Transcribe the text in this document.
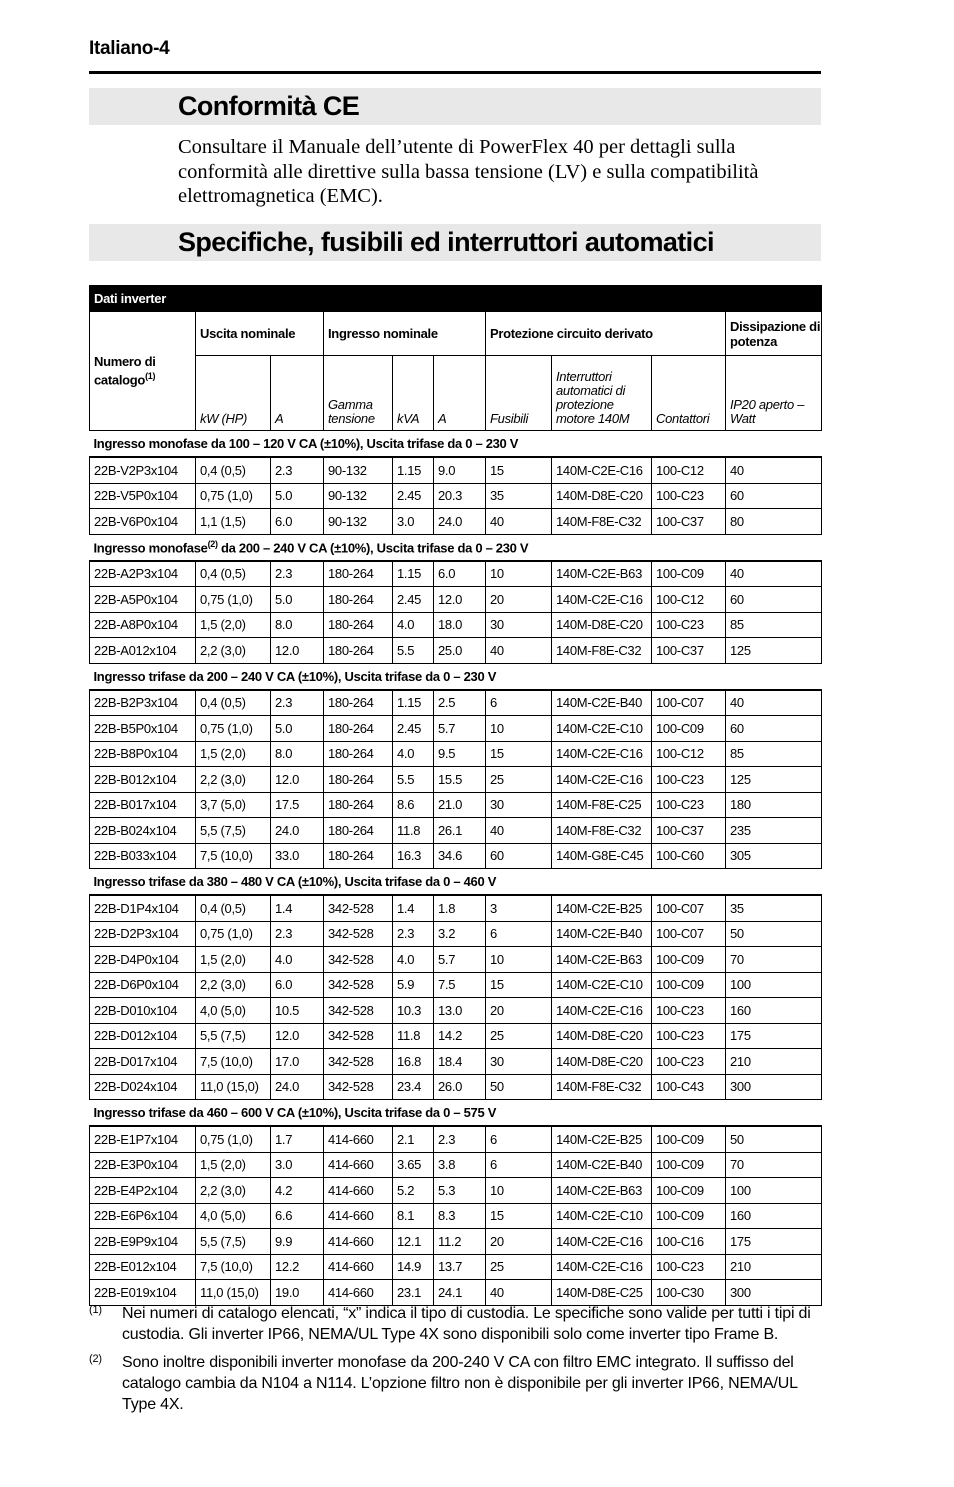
Italiano-4
Conformità CE
Consultare il Manuale dell’utente di PowerFlex 40 per dettagli sulla conformità alle direttive sulla bassa tensione (LV) e sulla compatibilità elettromagnetica (EMC).
Specifiche, fusibili ed interruttori automatici
Dati inverter									
Numero di catalogo$^{(1)}$	Uscita nominale		Ingresso nominale			Protezione circuito derivato			Dissipazione di potenza
	kW (HP)	A	Gamma tensione	kVA	A	Fusibili	Interruttori automatici di protezione motore 140M	Contattori	IP20 aperto – Watt
Ingresso monofase da 100 – 120 V CA (±10%), Uscita trifase da 0 – 230 V									
22B-V2P3x104	0,4 (0,5)	2.3	90-132	1.15	9.0	15	140M-C2E-C16	100-C12	40
22B-V5P0x104	0,75 (1,0)	5.0	90-132	2.45	20.3	35	140M-D8E-C20	100-C23	60
22B-V6P0x104	1,1 (1,5)	6.0	90-132	3.0	24.0	40	140M-F8E-C32	100-C37	80
Ingresso monofase$^{(2)}$ da 200 – 240 V CA (±10%), Uscita trifase da 0 – 230 V									
22B-A2P3x104	0,4 (0,5)	2.3	180-264	1.15	6.0	10	140M-C2E-B63	100-C09	40
22B-A5P0x104	0,75 (1,0)	5.0	180-264	2.45	12.0	20	140M-C2E-C16	100-C12	60
22B-A8P0x104	1,5 (2,0)	8.0	180-264	4.0	18.0	30	140M-D8E-C20	100-C23	85
22B-A012x104	2,2 (3,0)	12.0	180-264	5.5	25.0	40	140M-F8E-C32	100-C37	125
Ingresso trifase da 200 – 240 V CA (±10%), Uscita trifase da 0 – 230 V									
22B-B2P3x104	0,4 (0,5)	2.3	180-264	1.15	2.5	6	140M-C2E-B40	100-C07	40
22B-B5P0x104	0,75 (1,0)	5.0	180-264	2.45	5.7	10	140M-C2E-C10	100-C09	60
22B-B8P0x104	1,5 (2,0)	8.0	180-264	4.0	9.5	15	140M-C2E-C16	100-C12	85
22B-B012x104	2,2 (3,0)	12.0	180-264	5.5	15.5	25	140M-C2E-C16	100-C23	125
22B-B017x104	3,7 (5,0)	17.5	180-264	8.6	21.0	30	140M-F8E-C25	100-C23	180
22B-B024x104	5,5 (7,5)	24.0	180-264	11.8	26.1	40	140M-F8E-C32	100-C37	235
22B-B033x104	7,5 (10,0)	33.0	180-264	16.3	34.6	60	140M-G8E-C45	100-C60	305
Ingresso trifase da 380 – 480 V CA (±10%), Uscita trifase da 0 – 460 V									
22B-D1P4x104	0,4 (0,5)	1.4	342-528	1.4	1.8	3	140M-C2E-B25	100-C07	35
22B-D2P3x104	0,75 (1,0)	2.3	342-528	2.3	3.2	6	140M-C2E-B40	100-C07	50
22B-D4P0x104	1,5 (2,0)	4.0	342-528	4.0	5.7	10	140M-C2E-B63	100-C09	70
22B-D6P0x104	2,2 (3,0)	6.0	342-528	5.9	7.5	15	140M-C2E-C10	100-C09	100
22B-D010x104	4,0 (5,0)	10.5	342-528	10.3	13.0	20	140M-C2E-C16	100-C23	160
22B-D012x104	5,5 (7,5)	12.0	342-528	11.8	14.2	25	140M-D8E-C20	100-C23	175
22B-D017x104	7,5 (10,0)	17.0	342-528	16.8	18.4	30	140M-D8E-C20	100-C23	210
22B-D024x104	11,0 (15,0)	24.0	342-528	23.4	26.0	50	140M-F8E-C32	100-C43	300
Ingresso trifase da 460 – 600 V CA (±10%), Uscita trifase da 0 – 575 V									
22B-E1P7x104	0,75 (1,0)	1.7	414-660	2.1	2.3	6	140M-C2E-B25	100-C09	50
22B-E3P0x104	1,5 (2,0)	3.0	414-660	3.65	3.8	6	140M-C2E-B40	100-C09	70
22B-E4P2x104	2,2 (3,0)	4.2	414-660	5.2	5.3	10	140M-C2E-B63	100-C09	100
22B-E6P6x104	4,0 (5,0)	6.6	414-660	8.1	8.3	15	140M-C2E-C10	100-C09	160
22B-E9P9x104	5,5 (7,5)	9.9	414-660	12.1	11.2	20	140M-C2E-C16	100-C16	175
22B-E012x104	7,5 (10,0)	12.2	414-660	14.9	13.7	25	140M-C2E-C16	100-C23	210
22B-E019x104	11,0 (15,0)	19.0	414-660	23.1	24.1	40	140M-D8E-C25	100-C30	300
(1) Nei numeri di catalogo elencati, “x” indica il tipo di custodia. Le specifiche sono valide per tutti i tipi di custodia. Gli inverter IP66, NEMA/UL Type 4X sono disponibili solo come inverter tipo Frame B.
(2) Sono inoltre disponibili inverter monofase da 200-240 V CA con filtro EMC integrato. Il suffisso del catalogo cambia da N104 a N114. L’opzione filtro non è disponibile per gli inverter IP66, NEMA/UL Type 4X.
